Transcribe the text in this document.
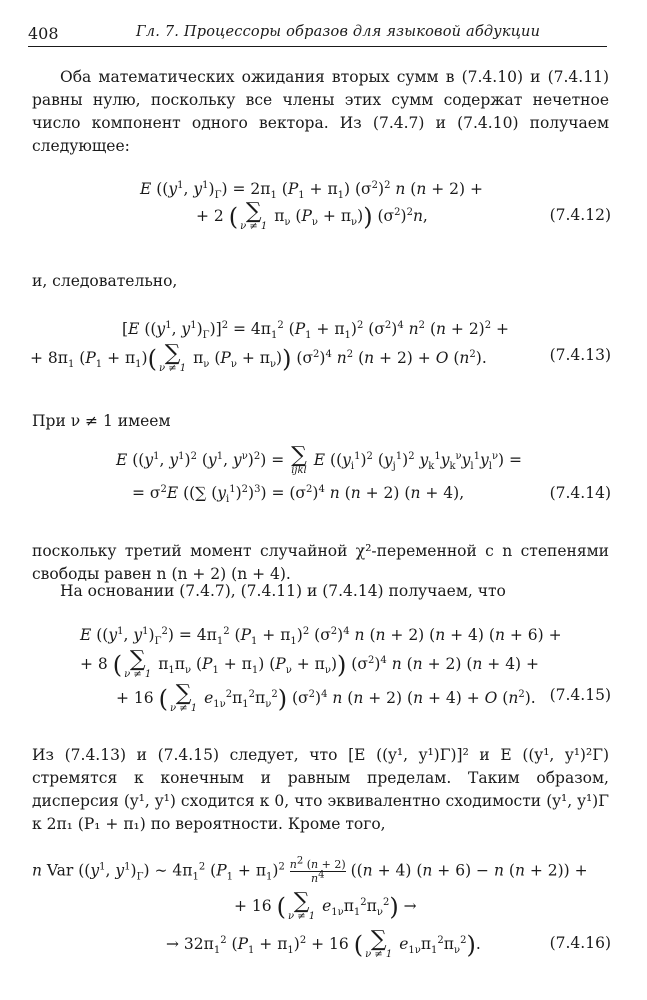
408	Гл. 7. Процессоры образов для языковой абдукции
Оба математических ожидания вторых сумм в (7.4.10) и (7.4.11) равны нулю, поскольку все члены этих сумм содержат нечетное число компонент одного вектора. Из (7.4.7) и (7.4.10) получаем следующее:
E (($y^1$, $y^1)_\Gamma) = 2\pi_1$ $(P_1 + \pi_1)$ $(\sigma^2)^2$ n (n + 2) +
+ 2 ( ∑
ν ≠ 1
$\pi_\nu$ $(P_\nu + \pi_\nu)$) $(\sigma^2)^2n$,	(7.4.12)
и, следовательно,
[E (($y^1$, $y^1)_\Gamma)]^2 = 4\pi_1^2$ $(P_1 + \pi_1)^2$ $(\sigma^2)^4$ $n^2$ $(n + 2)^2$ +
+ $8\pi_1$ $(P_1 + \pi_1)$( ∑
ν ≠ 1
$\pi_\nu$ $(P_\nu + \pi_\nu)$) $(\sigma^2)^4$ $n^2$ (n + 2) + O $(n^2)$.	(7.4.13)
При ν ≠ 1 имеем
E (($y^1$, $y^1)^2$ ($y^1$, $y^\nu)^2$) = ∑
ijkl
E ($(y_i^1)^2$ $(y_j^1)^2$ $y_k^1y_k^\nu y_l^1y_l^\nu$) =
= $\sigma^2E$ ((∑ $(y_i^1)^2)^3) = (\sigma^2)^4$ n (n + 2) (n + 4),	(7.4.14)
поскольку третий момент случайной χ²-переменной с n степенями свободы равен n (n + 2) (n + 4).
На основании (7.4.7), (7.4.11) и (7.4.14) получаем, что
E (($y^1$, $y^1)_\Gamma^2) = 4\pi_1^2$ $(P_1 + \pi_1)^2$ $(\sigma^2)^4$ n (n + 2) (n + 4) (n + 6) +
+ 8 ( ∑
ν ≠ 1
$\pi_1\pi_\nu$ $(P_1 + \pi_1) (P_\nu + \pi_\nu)$) $(\sigma^2)^4$ n (n + 2) (n + 4) +
+ 16 ( ∑
ν ≠ 1
$e_{1\nu}^2\pi_1^2\pi_\nu^2$) $(\sigma^2)^4$ n (n + 2) (n + 4) + O $(n^2)$. (7.4.15)
Из (7.4.13) и (7.4.15) следует, что [E ((y¹, y¹)Γ)]² и E ((y¹, y¹)²Γ) стремятся к конечным и равным пределам. Таким образом, дисперсия (y¹, y¹) сходится к 0, что эквивалентно сходимости (y¹, y¹)Γ к 2π₁ (P₁ + π₁) по вероятности. Кроме того,
n Var (($y^1$, $y^1)_\Gamma$) ∼ $4\pi_1^2$ $(P_1 + \pi_1)^2 \frac{n^2 (n + 2)}{n^4} ((n + 4) (n + 6) - n$ (n + 2)) +
+ 16 ( ∑
ν ≠ 1
$e_{1\nu}\pi_1^2\pi_\nu^2$) →
→ $32\pi_1^2$ $(P_1 + \pi_1)^2 + 16$ ( ∑
ν ≠ 1
$e_{1\nu}\pi_1^2\pi_\nu^2$).	(7.4.16)
